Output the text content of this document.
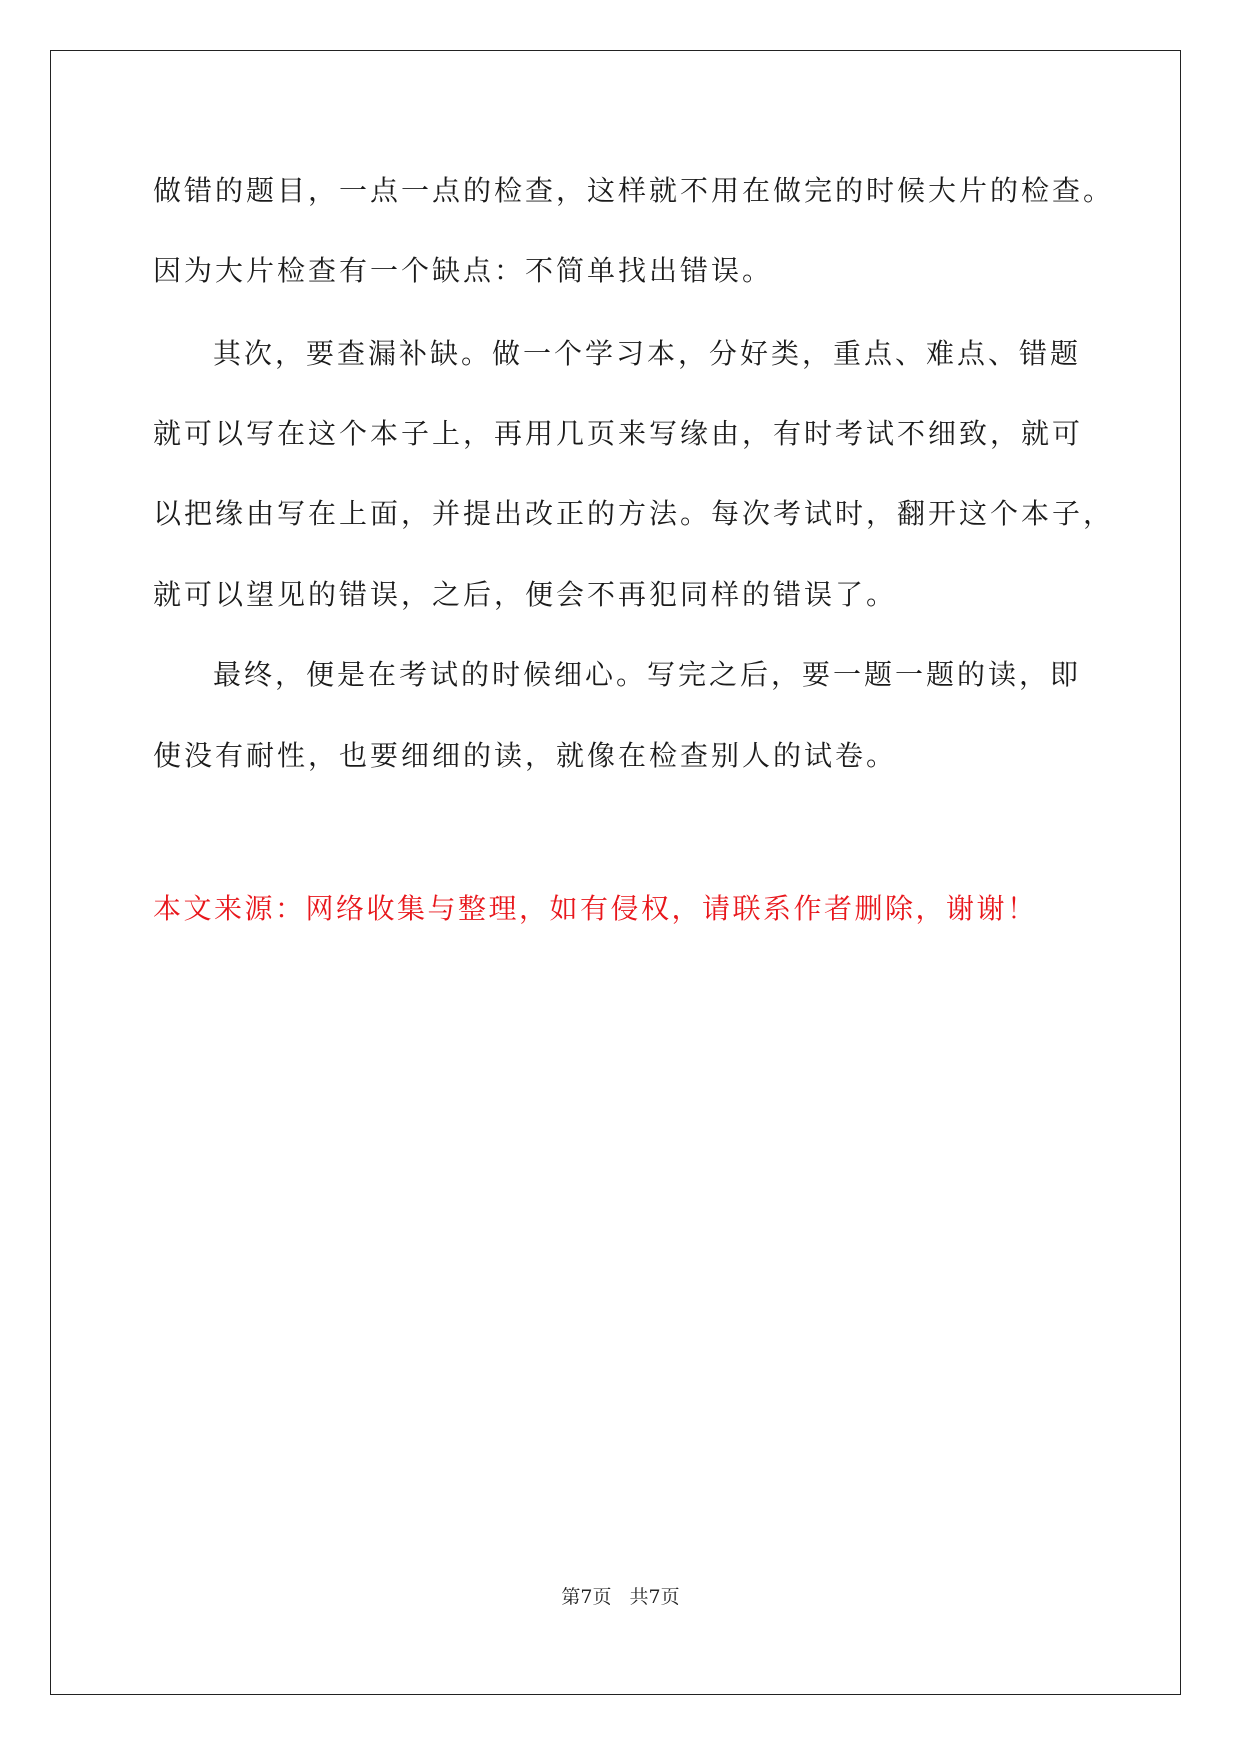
做错的题目，一点一点的检查，这样就不用在做完的时候大片的检查。
因为大片检查有一个缺点：不简单找出错误。
其次，要查漏补缺。做一个学习本，分好类，重点、难点、错题
就可以写在这个本子上，再用几页来写缘由，有时考试不细致，就可
以把缘由写在上面，并提出改正的方法。每次考试时，翻开这个本子，
就可以望见的错误，之后，便会不再犯同样的错误了。
最终，便是在考试的时候细心。写完之后，要一题一题的读，即
使没有耐性，也要细细的读，就像在检查别人的试卷。
本文来源：网络收集与整理，如有侵权，请联系作者删除，谢谢！
第7页 共7页
